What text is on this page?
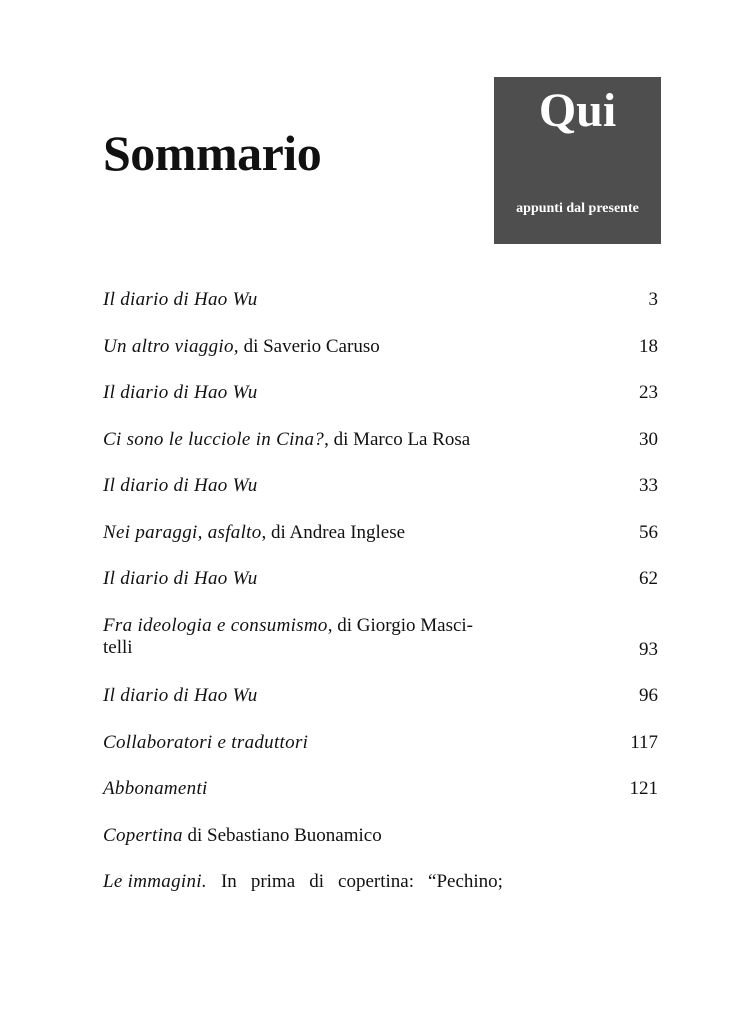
Sommario
Qui
appunti dal presente
Il diario di Hao Wu	3
Un altro viaggio, di Saverio Caruso	18
Il diario di Hao Wu	23
Ci sono le lucciole in Cina?, di Marco La Rosa	30
Il diario di Hao Wu	33
Nei paraggi, asfalto, di Andrea Inglese	56
Il diario di Hao Wu	62
Fra ideologia e consumismo, di Giorgio Masci-
telli	93
Il diario di Hao Wu	96
Collaboratori e traduttori	117
Abbonamenti	121
Copertina di Sebastiano Buonamico
Le immagini. In prima di copertina: “Pechino;
